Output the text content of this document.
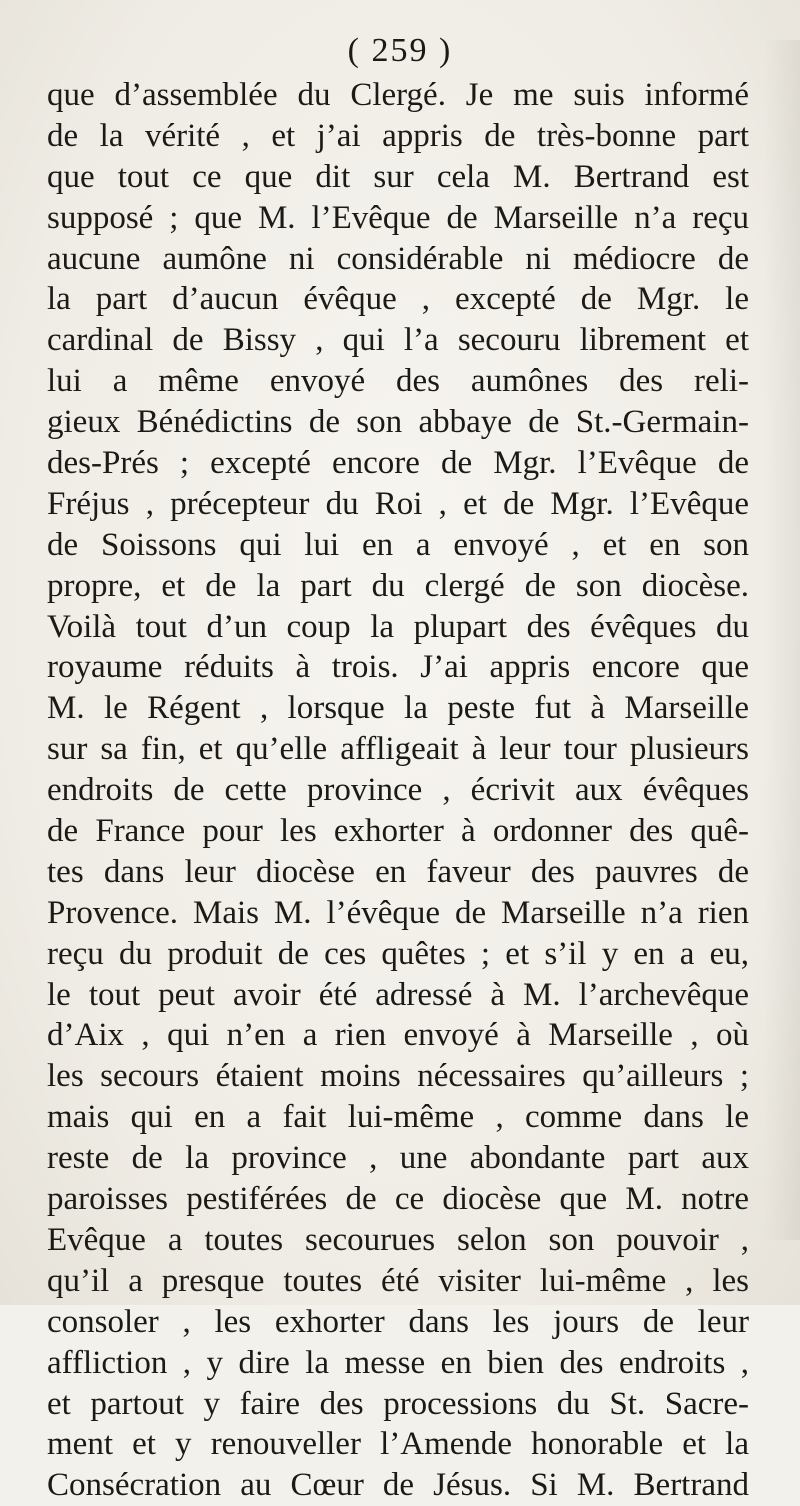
( 259 )
que d’assemblée du Clergé. Je me suis informé
de la vérité , et j’ai appris de très-bonne part
que tout ce que dit sur cela M. Bertrand est
supposé ; que M. l’Evêque de Marseille n’a reçu
aucune aumône ni considérable ni médiocre de
la part d’aucun évêque , excepté de Mgr. le
cardinal de Bissy , qui l’a secouru librement et
lui a même envoyé des aumônes des reli-
gieux Bénédictins de son abbaye de St.-Germain-
des-Prés ; excepté encore de Mgr. l’Evêque de
Fréjus , précepteur du Roi , et de Mgr. l’Evêque
de Soissons qui lui en a envoyé , et en son
propre, et de la part du clergé de son diocèse.
Voilà tout d’un coup la plupart des évêques du
royaume réduits à trois. J’ai appris encore que
M. le Régent , lorsque la peste fut à Marseille
sur sa fin, et qu’elle affligeait à leur tour plusieurs
endroits de cette province , écrivit aux évêques
de France pour les exhorter à ordonner des quê-
tes dans leur diocèse en faveur des pauvres de
Provence. Mais M. l’évêque de Marseille n’a rien
reçu du produit de ces quêtes ; et s’il y en a eu,
le tout peut avoir été adressé à M. l’archevêque
d’Aix , qui n’en a rien envoyé à Marseille , où
les secours étaient moins nécessaires qu’ailleurs ;
mais qui en a fait lui-même , comme dans le
reste de la province , une abondante part aux
paroisses pestiférées de ce diocèse que M. notre
Evêque a toutes secourues selon son pouvoir ,
qu’il a presque toutes été visiter lui-même , les
consoler , les exhorter dans les jours de leur
affliction , y dire la messe en bien des endroits ,
et partout y faire des processions du St. Sacre-
ment et y renouveller l’Amende honorable et la
Consécration au Cœur de Jésus. Si M. Bertrand
